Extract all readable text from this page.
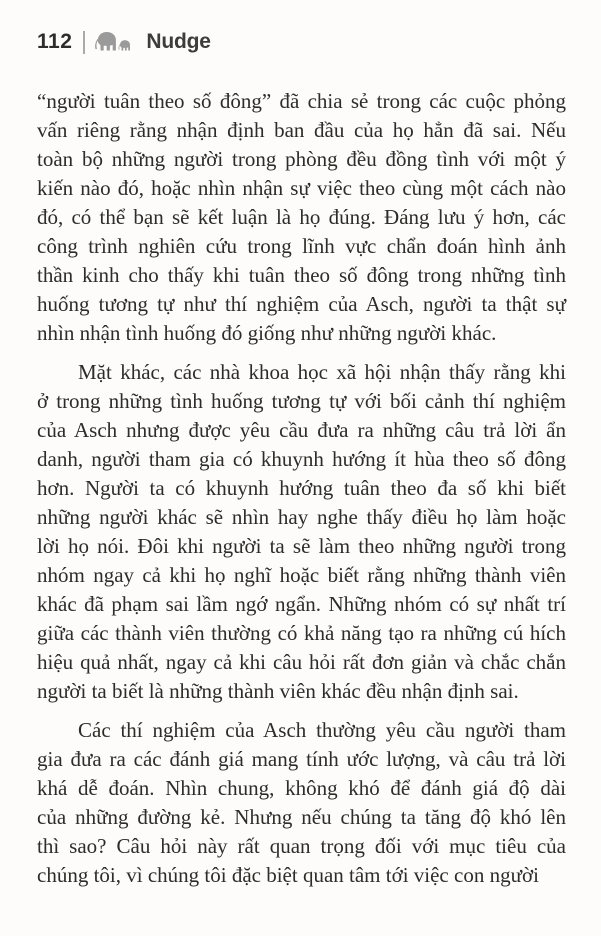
112	Nudge
“người tuân theo số đông” đã chia sẻ trong các cuộc phỏng
vấn riêng rằng nhận định ban đầu của họ hẳn đã sai. Nếu
toàn bộ những người trong phòng đều đồng tình với một ý
kiến nào đó, hoặc nhìn nhận sự việc theo cùng một cách nào
đó, có thể bạn sẽ kết luận là họ đúng. Đáng lưu ý hơn, các
công trình nghiên cứu trong lĩnh vực chẩn đoán hình ảnh
thần kinh cho thấy khi tuân theo số đông trong những tình
huống tương tự như thí nghiệm của Asch, người ta thật sự
nhìn nhận tình huống đó giống như những người khác.
Mặt khác, các nhà khoa học xã hội nhận thấy rằng khi
ở trong những tình huống tương tự với bối cảnh thí nghiệm
của Asch nhưng được yêu cầu đưa ra những câu trả lời ẩn
danh, người tham gia có khuynh hướng ít hùa theo số đông
hơn. Người ta có khuynh hướng tuân theo đa số khi biết
những người khác sẽ nhìn hay nghe thấy điều họ làm hoặc
lời họ nói. Đôi khi người ta sẽ làm theo những người trong
nhóm ngay cả khi họ nghĩ hoặc biết rằng những thành viên
khác đã phạm sai lầm ngớ ngẩn. Những nhóm có sự nhất trí
giữa các thành viên thường có khả năng tạo ra những cú hích
hiệu quả nhất, ngay cả khi câu hỏi rất đơn giản và chắc chắn
người ta biết là những thành viên khác đều nhận định sai.
Các thí nghiệm của Asch thường yêu cầu người tham
gia đưa ra các đánh giá mang tính ước lượng, và câu trả lời
khá dễ đoán. Nhìn chung, không khó để đánh giá độ dài
của những đường kẻ. Nhưng nếu chúng ta tăng độ khó lên
thì sao? Câu hỏi này rất quan trọng đối với mục tiêu của
chúng tôi, vì chúng tôi đặc biệt quan tâm tới việc con người
